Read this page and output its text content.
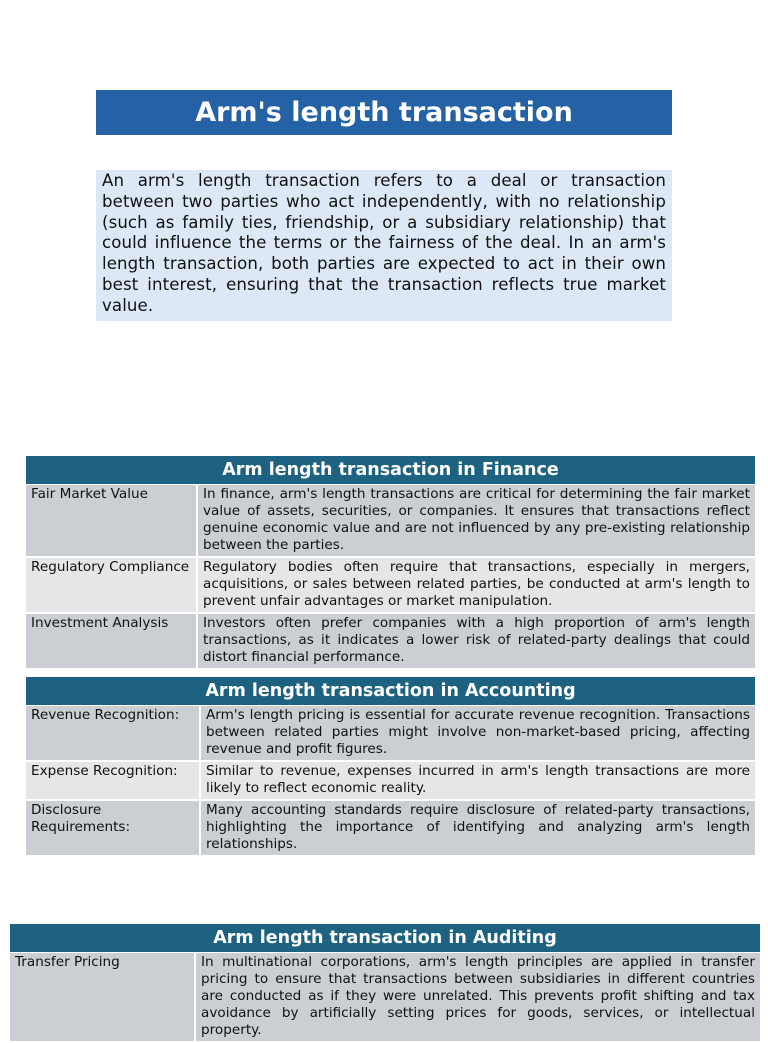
Arm's length transaction
An arm's length transaction refers to a deal or transaction between two parties who act independently, with no relationship (such as family ties, friendship, or a subsidiary relationship) that could influence the terms or the fairness of the deal. In an arm's length transaction, both parties are expected to act in their own best interest, ensuring that the transaction reflects true market value.
Arm length transaction in Finance	
Fair Market Value	In finance, arm's length transactions are critical for determining the fair market value of assets, securities, or companies. It ensures that transactions reflect genuine economic value and are not influenced by any pre-existing relationship between the parties.
Regulatory Compliance	Regulatory bodies often require that transactions, especially in mergers, acquisitions, or sales between related parties, be conducted at arm's length to prevent unfair advantages or market manipulation.
Investment Analysis	Investors often prefer companies with a high proportion of arm's length transactions, as it indicates a lower risk of related-party dealings that could distort financial performance.
Arm length transaction in Accounting	
Revenue Recognition:	Arm's length pricing is essential for accurate revenue recognition. Transactions between related parties might involve non-market-based pricing, affecting revenue and profit figures.
Expense Recognition:	Similar to revenue, expenses incurred in arm's length transactions are more likely to reflect economic reality.
Disclosure Requirements:	Many accounting standards require disclosure of related-party transactions, highlighting the importance of identifying and analyzing arm's length relationships.
Arm length transaction in Auditing
Transfer Pricing	In multinational corporations, arm's length principles are applied in transfer pricing to ensure that transactions between subsidiaries in different countries are conducted as if they were unrelated. This prevents profit shifting and tax avoidance by artificially setting prices for goods, services, or intellectual property.
